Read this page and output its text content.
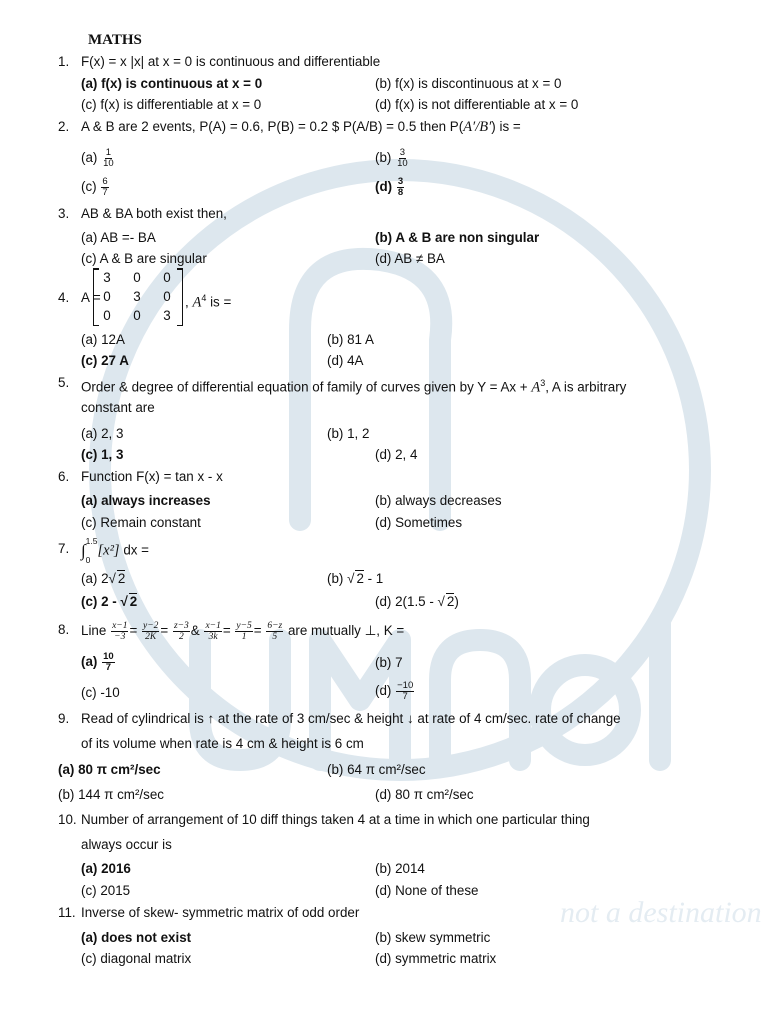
not a destination
MATHS
1. F(x) = x |x| at x = 0 is continuous and differentiable
(a) f(x) is continuous at x = 0	(b) f(x) is discontinuous at x = 0
(c) f(x) is differentiable at x = 0	(d) f(x) is not differentiable at x = 0
2. A & B are 2 events, P(A) = 0.6, P(B) = 0.2 $ P(A/B) = 0.5 then P(A′/B′) is =
$(a) \frac{1}{10}$	$(b) \frac{3}{10}$
$(c) \frac{6}{7}$	$(d) \frac{3}{8}$
3. AB & BA both exist then,
(a) AB =- BA	(b) A & B are non singular
(c) A & B are singular	(d) AB ≠ BA
4. A =
3	0	0
0	3	0
0	0	3
, $A^4$ is =
(a) 12A	(b) 81 A
(c) 27 A	(d) 4A
5. Order & degree of differential equation of family of curves given by $Y = Ax + A^3$, A is arbitrary
constant are
(a) 2, 3	(b) 1, 2
(c) 1, 3	(d) 2, 4
6. Function F(x) = tan x - x
(a) always increases	(b) always decreases
(c) Remain constant	(d) Sometimes
7. ∫ 1.5
0
[x²] dx =
(a) 2√ 2	(b) √ 2 - 1
(c) 2 - √ 2	(d) 2(1.5 - √ 2)
8. Line $\frac{x-1}{-3} = \frac{y-2}{2K} = \frac{z-3}{2}$ & $\frac{x-1}{3k} = \frac{y-5}{1} = \frac{6-z}{5}$ are mutually ⊥, K =
$(a) \frac{10}{7}$	(b) 7
(c) -10	$(d) \frac{-10}{7}$
9. Read of cylindrical is ↑ at the rate of 3 cm/sec & height ↓ at rate of 4 cm/sec. rate of change
of its volume when rate is 4 cm & height is 6 cm
(a) 80 π cm²/sec	(b) 64 π cm²/sec
(b) 144 π cm²/sec	(d) 80 π cm²/sec
10. Number of arrangement of 10 diff things taken 4 at a time in which one particular thing
always occur is
(a) 2016	(b) 2014
(c) 2015	(d) None of these
11. Inverse of skew- symmetric matrix of odd order
(a) does not exist	(b) skew symmetric
(c) diagonal matrix	(d) symmetric matrix
